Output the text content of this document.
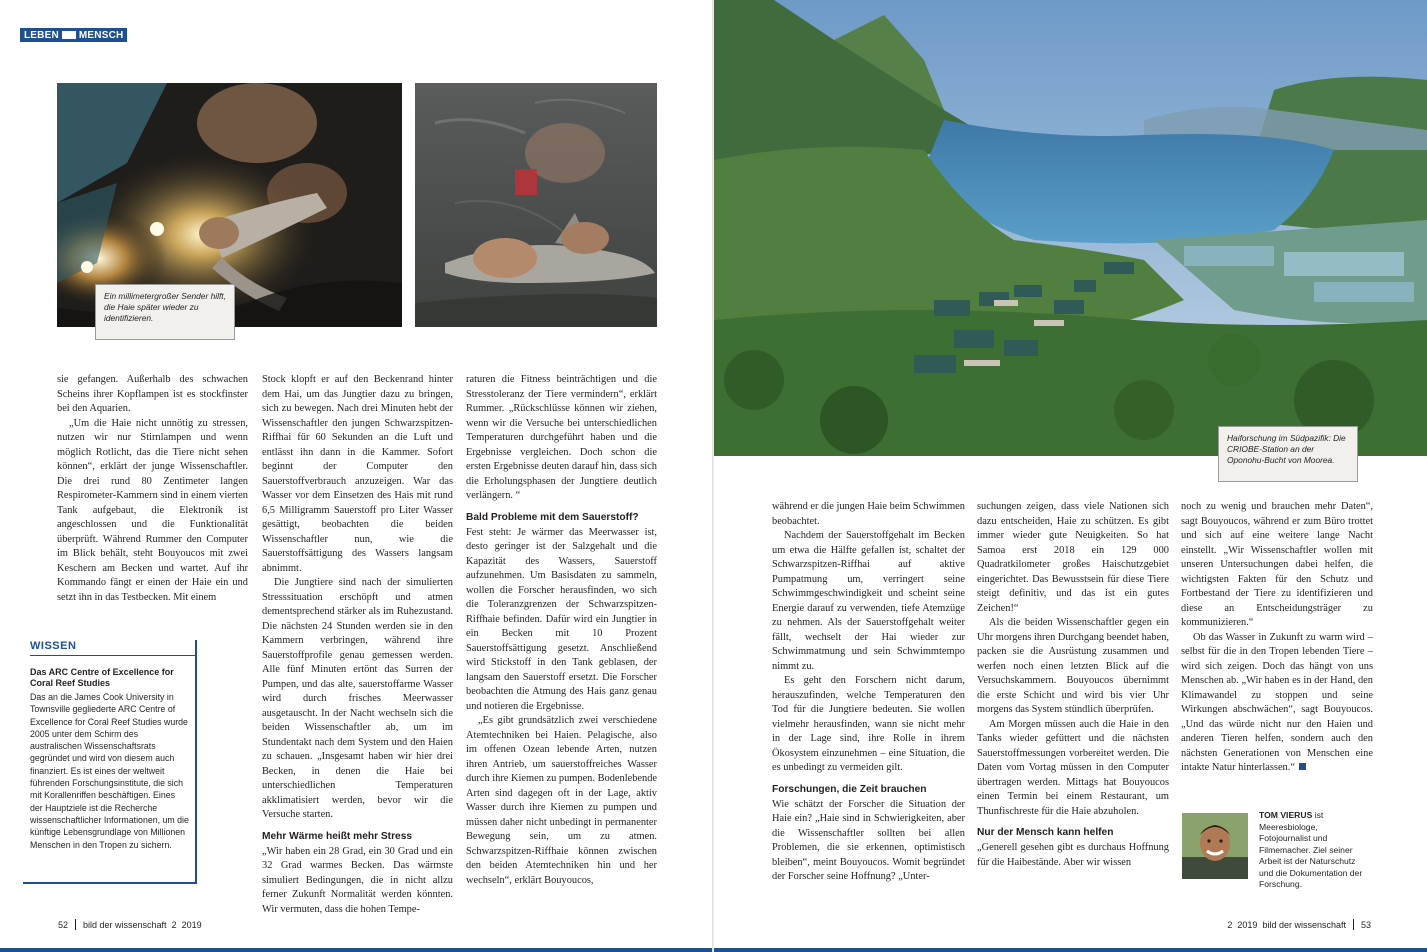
LEBEN MENSCH
Ein millimetergroßer Sender hilft, die Haie später wieder zu identifizieren.
Haiforschung im Südpazifik: Die CRIOBE-Station an der Oponohu-Bucht von Moorea.

sie gefangen. Außerhalb des schwachen Scheins ihrer Kopflampen ist es stockfinster bei den Aquarien.

„Um die Haie nicht unnötig zu stressen, nutzen wir nur Stirnlampen und wenn möglich Rotlicht, das die Tiere nicht sehen können“, erklärt der junge Wissenschaftler. Die drei rund 80 Zentimeter langen Respirometer-Kammern sind in einem vierten Tank aufgebaut, die Elektronik ist angeschlossen und die Funktionalität überprüft. Während Rummer den Computer im Blick behält, steht Bouyoucos mit zwei Keschern am Becken und wartet. Auf ihr Kommando fängt er einen der Haie ein und setzt ihn in das Testbecken. Mit einem

Stock klopft er auf den Beckenrand hinter dem Hai, um das Jungtier dazu zu bringen, sich zu bewegen. Nach drei Minuten hebt der Wissenschaftler den jungen Schwarzspitzen-Riffhai für 60 Sekunden an die Luft und entlässt ihn dann in die Kammer. Sofort beginnt der Computer den Sauerstoffverbrauch anzuzeigen. War das Wasser vor dem Einsetzen des Hais mit rund 6,5 Milligramm Sauerstoff pro Liter Wasser gesättigt, beobachten die beiden Wissenschaftler nun, wie die Sauerstoffsättigung des Wassers langsam abnimmt.

Die Jungtiere sind nach der simulierten Stresssituation erschöpft und atmen dementsprechend stärker als im Ruhezustand. Die nächsten 24 Stunden werden sie in den Kammern verbringen, während ihre Sauerstoffprofile genau gemessen werden. Alle fünf Minuten ertönt das Surren der Pumpen, und das alte, sauerstoffarme Wasser wird durch frisches Meerwasser ausgetauscht. In der Nacht wechseln sich die beiden Wissenschaftler ab, um im Stundentakt nach dem System und den Haien zu schauen. „Insgesamt haben wir hier drei Becken, in denen die Haie bei unterschiedlichen Temperaturen akklimatisiert werden, bevor wir die Versuche starten.

Mehr Wärme heißt mehr Stress

„Wir haben ein 28 Grad, ein 30 Grad und ein 32 Grad warmes Becken. Das wärmste simuliert Bedingungen, die in nicht allzu ferner Zukunft Normalität werden könnten. Wir vermuten, dass die hohen Tempe-

raturen die Fitness beinträchtigen und die Stresstoleranz der Tiere vermindern“, erklärt Rummer. „Rückschlüsse können wir ziehen, wenn wir die Versuche bei unterschiedlichen Temperaturen durchgeführt haben und die Ergebnisse vergleichen. Doch schon die ersten Ergebnisse deuten darauf hin, dass sich die Erholungsphasen der Jungtiere deutlich verlängern. “

Bald Probleme mit dem Sauerstoff?

Fest steht: Je wärmer das Meerwasser ist, desto geringer ist der Salzgehalt und die Kapazität des Wassers, Sauerstoff aufzunehmen. Um Basisdaten zu sammeln, wollen die Forscher herausfinden, wo sich die Toleranzgrenzen der Schwarzspitzen-Riffhaie befinden. Dafür wird ein Jungtier in ein Becken mit 10 Prozent Sauerstoffsättigung gesetzt. Anschließend wird Stickstoff in den Tank geblasen, der langsam den Sauerstoff ersetzt. Die Forscher beobachten die Atmung des Hais ganz genau und notieren die Ergebnisse.

„Es gibt grundsätzlich zwei verschiedene Atemtechniken bei Haien. Pelagische, also im offenen Ozean lebende Arten, nutzen ihren Antrieb, um sauerstoffreiches Wasser durch ihre Kiemen zu pumpen. Bodenlebende Arten sind dagegen oft in der Lage, aktiv Wasser durch ihre Kiemen zu pumpen und müssen daher nicht unbedingt in permanenter Bewegung sein, um zu atmen. Schwarzspitzen-Riffhaie können zwischen den beiden Atemtechniken hin und her wechseln“, erklärt Bouyoucos,

während er die jungen Haie beim Schwimmen beobachtet.

Nachdem der Sauerstoffgehalt im Becken um etwa die Hälfte gefallen ist, schaltet der Schwarzspitzen-Riffhai auf aktive Pumpatmung um, verringert seine Schwimmgeschwindigkeit und scheint seine Energie darauf zu verwenden, tiefe Atemzüge zu nehmen. Als der Sauerstoffgehalt weiter fällt, wechselt der Hai wieder zur Schwimmatmung und sein Schwimmtempo nimmt zu.

Es geht den Forschern nicht darum, herauszufinden, welche Temperaturen den Tod für die Jungtiere bedeuten. Sie wollen vielmehr herausfinden, wann sie nicht mehr in der Lage sind, ihre Rolle in ihrem Ökosystem einzunehmen – eine Situation, die es unbedingt zu vermeiden gilt.

Forschungen, die Zeit brauchen

Wie schätzt der Forscher die Situation der Haie ein? „Haie sind in Schwierigkeiten, aber die Wissenschaftler sollten bei allen Problemen, die sie erkennen, optimistisch bleiben“, meint Bouyoucos. Womit begründet der Forscher seine Hoffnung? „Unter-

suchungen zeigen, dass viele Nationen sich dazu entscheiden, Haie zu schützen. Es gibt immer wieder gute Neuigkeiten. So hat Samoa erst 2018 ein 129 000 Quadratkilometer großes Haischutzgebiet eingerichtet. Das Bewusstsein für diese Tiere steigt definitiv, und das ist ein gutes Zeichen!“

Als die beiden Wissenschaftler gegen ein Uhr morgens ihren Durchgang beendet haben, packen sie die Ausrüstung zusammen und werfen noch einen letzten Blick auf die Versuchskammern. Bouyoucos übernimmt die erste Schicht und wird bis vier Uhr morgens das System stündlich überprüfen.

Am Morgen müssen auch die Haie in den Tanks wieder gefüttert und die nächsten Sauerstoffmessungen vorbereitet werden. Die Daten vom Vortag müssen in den Computer übertragen werden. Mittags hat Bouyoucos einen Termin bei einem Restaurant, um Thunfischreste für die Haie abzuholen.

Nur der Mensch kann helfen

„Generell gesehen gibt es durchaus Hoffnung für die Haibestände. Aber wir wissen

noch zu wenig und brauchen mehr Daten“, sagt Bouyoucos, während er zum Büro trottet und sich auf eine weitere lange Nacht einstellt. „Wir Wissenschaftler wollen mit unseren Untersuchungen dabei helfen, die wichtigsten Fakten für den Schutz und Fortbestand der Tiere zu identifizieren und diese an Entscheidungsträger zu kommunizieren.“

Ob das Wasser in Zukunft zu warm wird – selbst für die in den Tropen lebenden Tiere – wird sich zeigen. Doch das hängt von uns Menschen ab. „Wir haben es in der Hand, den Klimawandel zu stoppen und seine Wirkungen abschwächen“, sagt Bouyoucos. „Und das würde nicht nur den Haien und anderen Tieren helfen, sondern auch den nächsten Generationen von Menschen eine intakte Natur hinterlassen.“

WISSEN
Das ARC Centre of Excellence for Coral Reef Studies
Das an die James Cook University in Townsville gegliederte ARC Centre of Excellence for Coral Reef Studies wurde 2005 unter dem Schirm des australischen Wissenschaftsrats gegründet und wird von diesem auch finanziert. Es ist eines der weltweit führenden Forschungsinstitute, die sich mit Korallenriffen beschäftigen. Eines der Hauptziele ist die Recherche wissenschaftlicher Informationen, um die künftige Lebensgrundlage von Millionen Menschen in den Tropen zu sichern.
TOM VIERUS ist Meeresbiologe, Fotojournalist und Filmemacher. Ziel seiner Arbeit ist der Naturschutz und die Dokumentation der Forschung.
52 bild der wissenschaft
2  2019	2  2019
bild der wissenschaft 53
